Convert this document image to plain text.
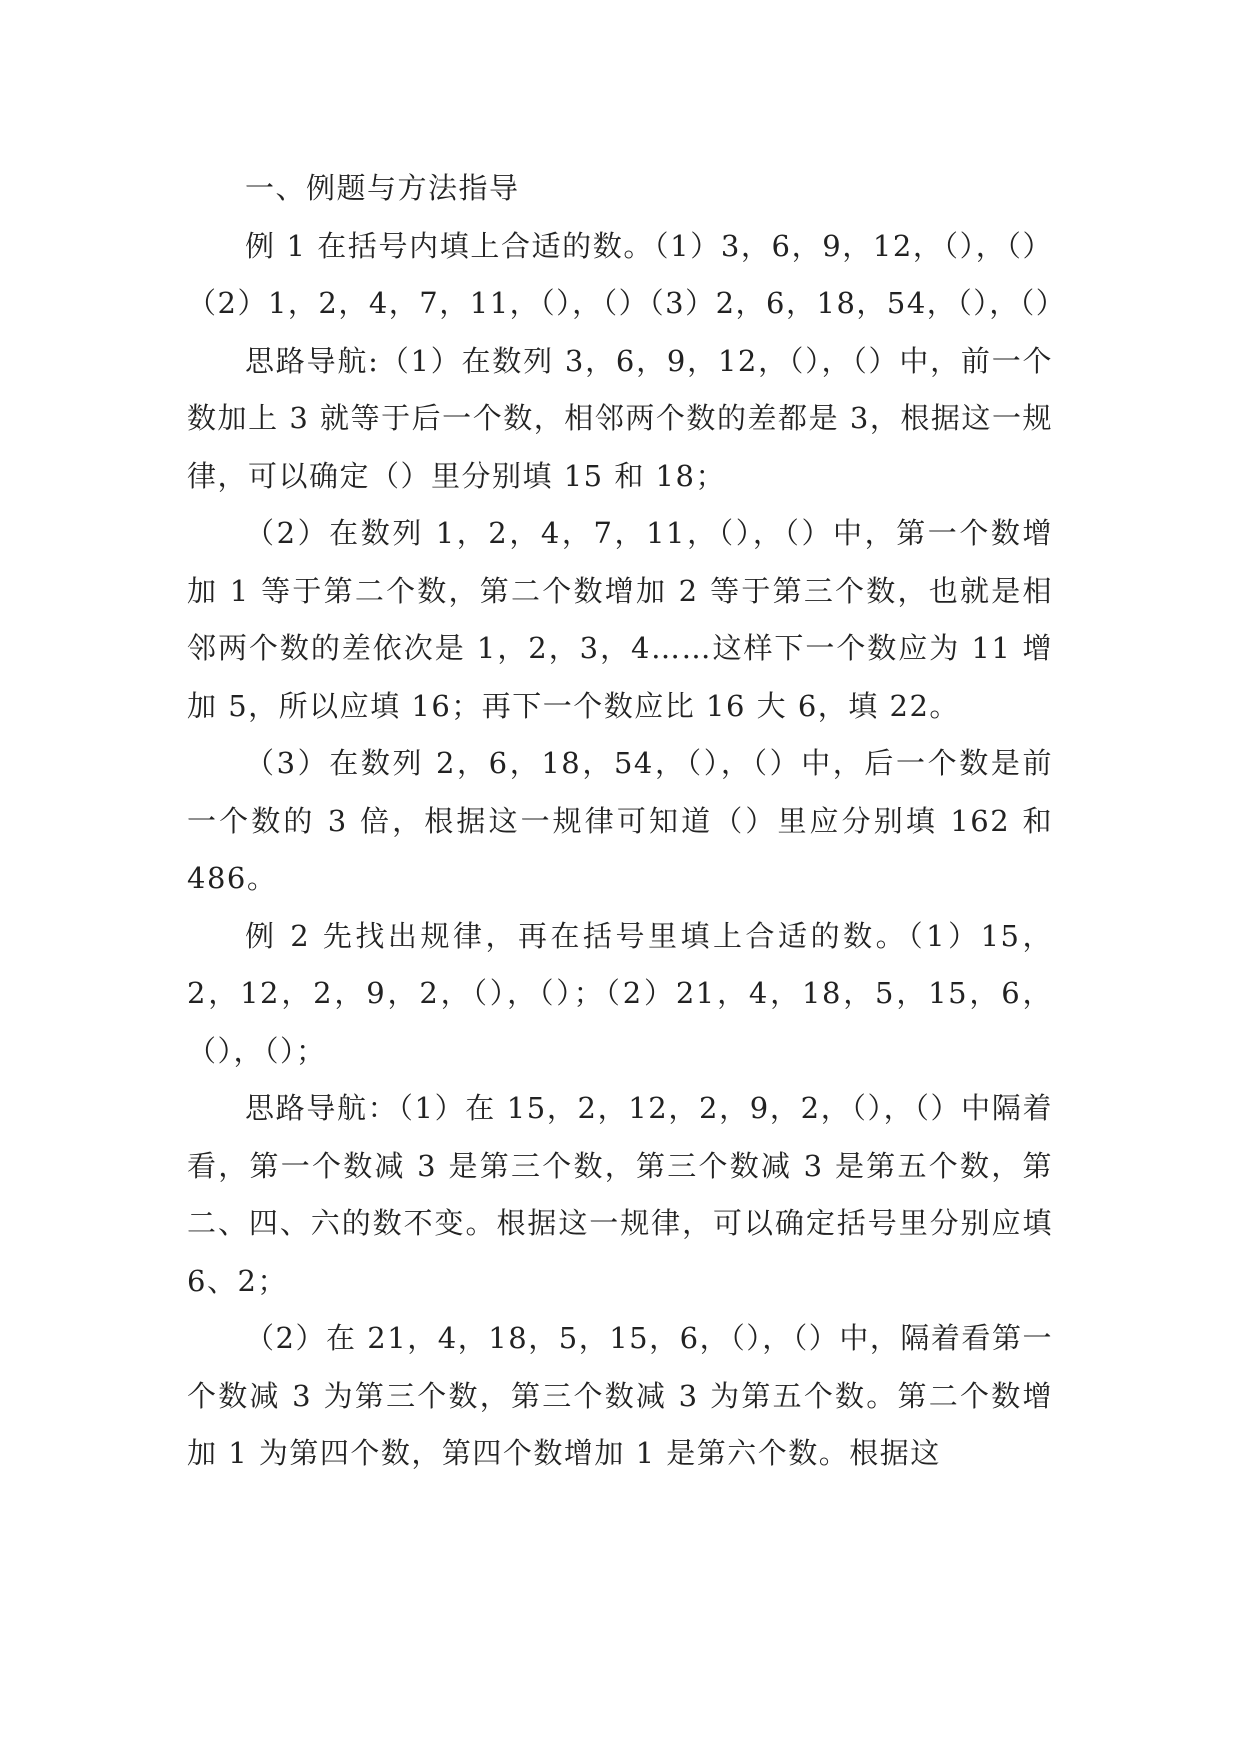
一、例题与方法指导

例 1 在括号内填上合适的数。（1）3，6，9，12，（），（）（2）1，2，4，7，11，（），（）（3）2，6，18，54，（），（）

思路导航:（1）在数列 3，6，9，12，（），（）中，前一个数加上 3 就等于后一个数，相邻两个数的差都是 3，根据这一规律，可以确定（）里分别填 15 和 18；

（2）在数列 1，2，4，7，11，（），（）中，第一个数增加 1 等于第二个数，第二个数增加 2 等于第三个数，也就是相邻两个数的差依次是 1，2，3，4……这样下一个数应为 11 增加 5，所以应填 16；再下一个数应比 16 大 6，填 22。

（3）在数列 2，6，18，54，（），（）中，后一个数是前一个数的 3 倍，根据这一规律可知道（）里应分别填 162 和 486。

例 2 先找出规律，再在括号里填上合适的数。（1）15，2，12，2，9，2，（），（）；（2）21，4，18，5，15，6，（），（）；

思路导航：（1）在 15，2，12，2，9，2，（），（）中隔着看，第一个数减 3 是第三个数，第三个数减 3 是第五个数，第二、四、六的数不变。根据这一规律，可以确定括号里分别应填 6、2；

（2）在 21，4，18，5，15，6，（），（）中，隔着看第一个数减 3 为第三个数，第三个数减 3 为第五个数。第二个数增加 1 为第四个数，第四个数增加 1 是第六个数。根据这
